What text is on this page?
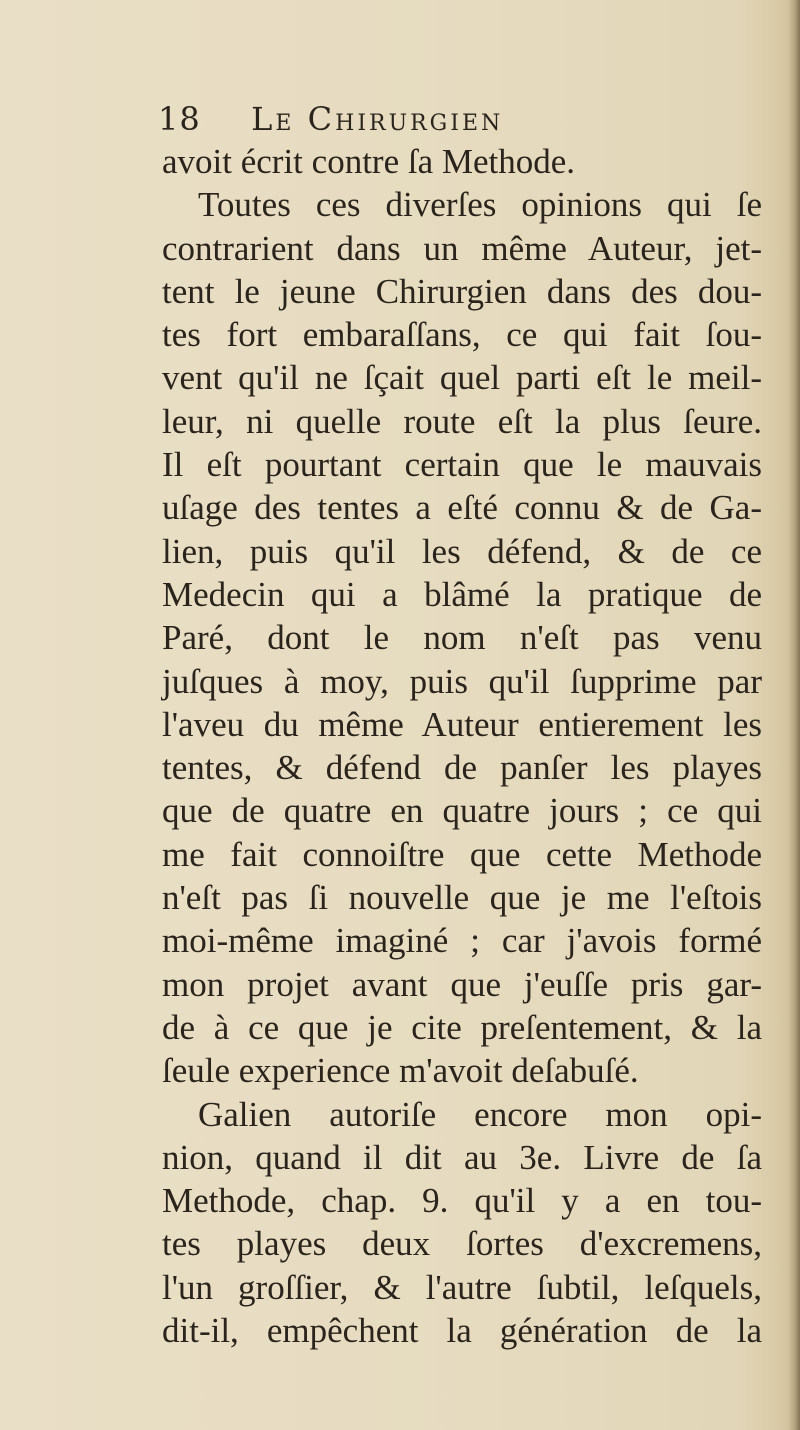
18 Le Chirurgien
avoit écrit contre ſa Methode.
Toutes ces diverſes opinions qui ſe
contrarient dans un même Auteur, jet-
tent le jeune Chirurgien dans des dou-
tes fort embaraſſans, ce qui fait ſou-
vent qu'il ne ſçait quel parti eſt le meil-
leur, ni quelle route eſt la plus ſeure.
Il eſt pourtant certain que le mauvais
uſage des tentes a eſté connu & de Ga-
lien, puis qu'il les défend, & de ce
Medecin qui a blâmé la pratique de
Paré, dont le nom n'eſt pas venu
juſques à moy, puis qu'il ſupprime par
l'aveu du même Auteur entierement les
tentes, & défend de panſer les playes
que de quatre en quatre jours ; ce qui
me fait connoiſtre que cette Methode
n'eſt pas ſi nouvelle que je me l'eſtois
moi-même imaginé ; car j'avois formé
mon projet avant que j'euſſe pris gar-
de à ce que je cite preſentement, & la
ſeule experience m'avoit deſabuſé.
Galien autoriſe encore mon opi-
nion, quand il dit au 3e. Livre de ſa
Methode, chap. 9. qu'il y a en tou-
tes playes deux ſortes d'excremens,
l'un groſſier, & l'autre ſubtil, leſquels,
dit-il, empêchent la génération de la
